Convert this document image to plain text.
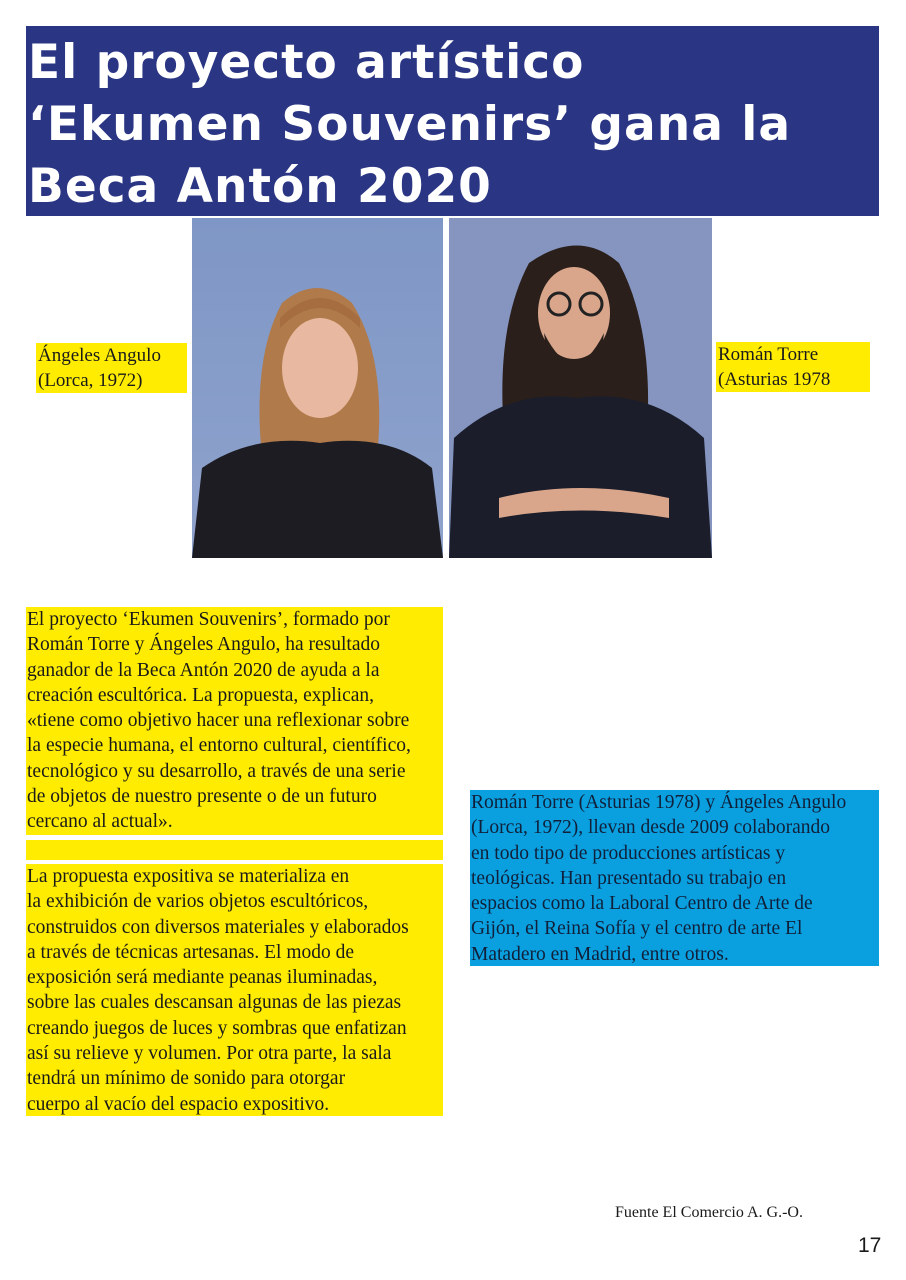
El proyecto artístico
‘Ekumen Souvenirs’ gana la
Beca Antón 2020
Ángeles Angulo
(Lorca, 1972)
Román Torre
(Asturias 1978
El proyecto ‘Ekumen Souvenirs’, formado por
Román Torre y Ángeles Angulo, ha resultado
ganador de la Beca Antón 2020 de ayuda a la
creación escultórica. La propuesta, explican,
«tiene como objetivo hacer una reflexionar sobre
la especie humana, el entorno cultural, científico,
tecnológico y su desarrollo, a través de una serie
de objetos de nuestro presente o de un futuro
cercano al actual».
La propuesta expositiva se materializa en
la exhibición de varios objetos escultóricos,
construidos con diversos materiales y elaborados
a través de técnicas artesanas. El modo de
exposición será mediante peanas iluminadas,
sobre las cuales descansan algunas de las piezas
creando juegos de luces y sombras que enfatizan
así su relieve y volumen. Por otra parte, la sala
tendrá un mínimo de sonido para otorgar
cuerpo al vacío del espacio expositivo.
Román Torre (Asturias 1978) y Ángeles Angulo
(Lorca, 1972), llevan desde 2009 colaborando
en todo tipo de producciones artísticas y
teológicas. Han presentado su trabajo en
espacios como la Laboral Centro de Arte de
Gijón, el Reina Sofía y el centro de arte El
Matadero en Madrid, entre otros.
Fuente El Comercio A. G.-O.
17
